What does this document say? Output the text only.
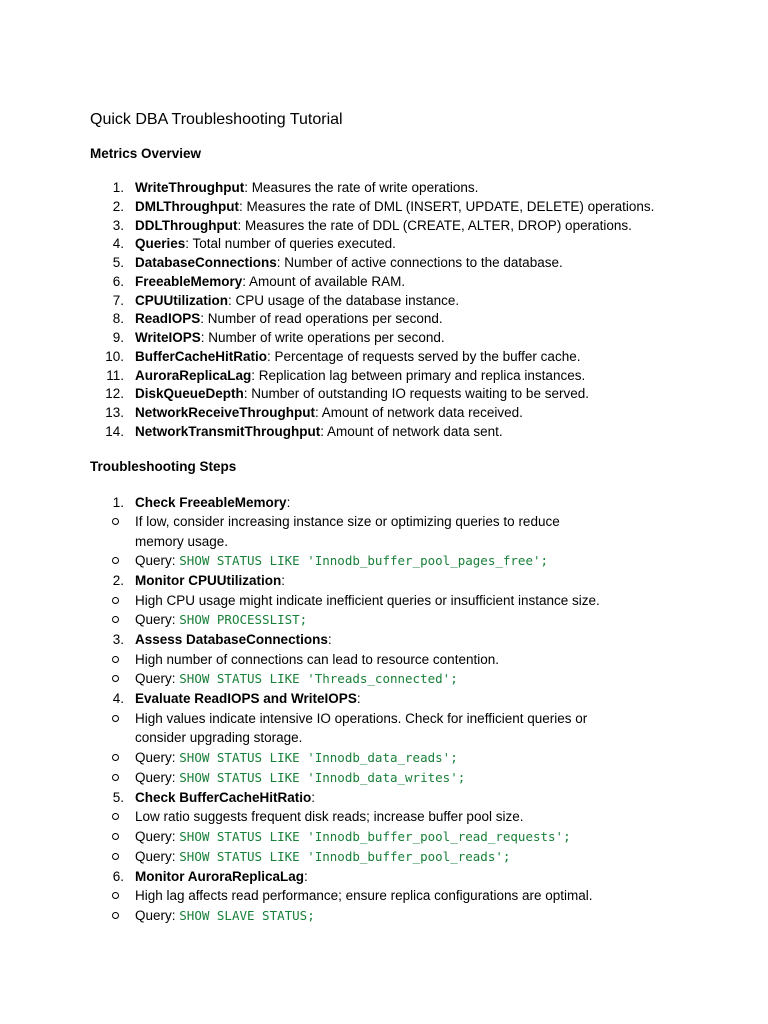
Quick DBA Troubleshooting Tutorial
Metrics Overview
1. WriteThroughput: Measures the rate of write operations.
2. DMLThroughput: Measures the rate of DML (INSERT, UPDATE, DELETE) operations.
3. DDLThroughput: Measures the rate of DDL (CREATE, ALTER, DROP) operations.
4. Queries: Total number of queries executed.
5. DatabaseConnections: Number of active connections to the database.
6. FreeableMemory: Amount of available RAM.
7. CPUUtilization: CPU usage of the database instance.
8. ReadIOPS: Number of read operations per second.
9. WriteIOPS: Number of write operations per second.
10. BufferCacheHitRatio: Percentage of requests served by the buffer cache.
11. AuroraReplicaLag: Replication lag between primary and replica instances.
12. DiskQueueDepth: Number of outstanding IO requests waiting to be served.
13. NetworkReceiveThroughput: Amount of network data received.
14. NetworkTransmitThroughput: Amount of network data sent.
Troubleshooting Steps
1. Check FreeableMemory:
If low, consider increasing instance size or optimizing queries to reduce memory usage.
Query: SHOW STATUS LIKE 'Innodb_buffer_pool_pages_free';
2. Monitor CPUUtilization:
High CPU usage might indicate inefficient queries or insufficient instance size.
Query: SHOW PROCESSLIST;
3. Assess DatabaseConnections:
High number of connections can lead to resource contention.
Query: SHOW STATUS LIKE 'Threads_connected';
4. Evaluate ReadIOPS and WriteIOPS:
High values indicate intensive IO operations. Check for inefficient queries or consider upgrading storage.
Query: SHOW STATUS LIKE 'Innodb_data_reads';
Query: SHOW STATUS LIKE 'Innodb_data_writes';
5. Check BufferCacheHitRatio:
Low ratio suggests frequent disk reads; increase buffer pool size.
Query: SHOW STATUS LIKE 'Innodb_buffer_pool_read_requests';
Query: SHOW STATUS LIKE 'Innodb_buffer_pool_reads';
6. Monitor AuroraReplicaLag:
High lag affects read performance; ensure replica configurations are optimal.
Query: SHOW SLAVE STATUS;
